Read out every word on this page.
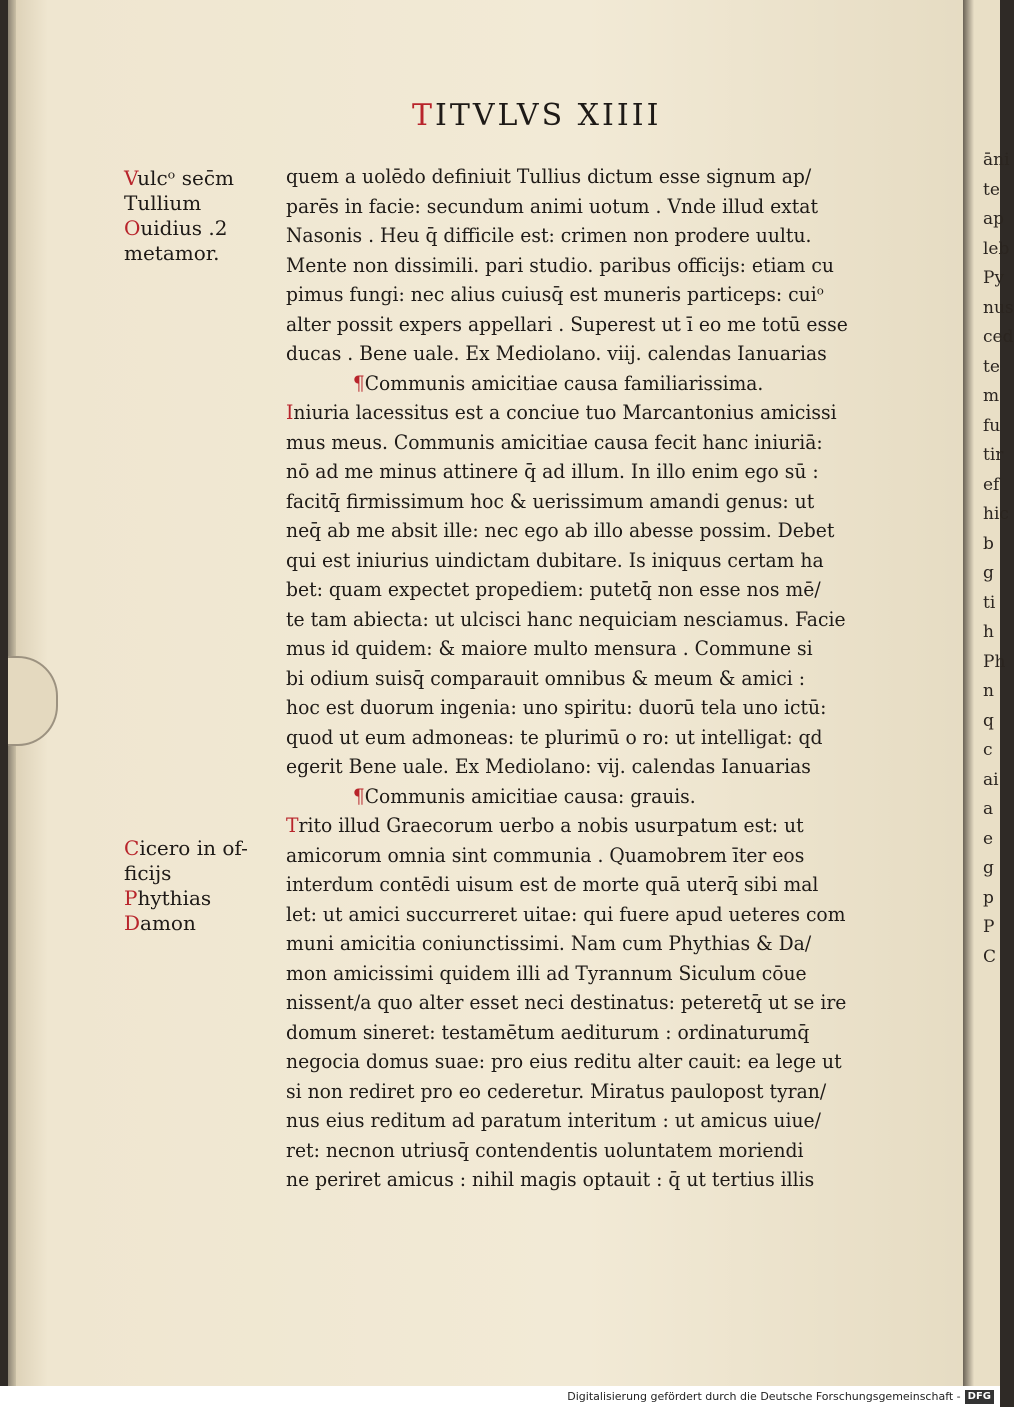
āni
te
ap
leb
Py
nus
ced
te
m
fu
tir
ef
hic
b
g
ti
h
Ph
n
q
c
ai
a
e
g
p
P
C
TITVLVS XIIII
Vulcᵒ sec̄m
Tullium
Ouidius .2
metamor.
Cicero in of-
ficijs
Phythias
Damon
quem a uolēdo definiuit Tullius dictum esse signum ap/
parēs in facie: secundum animi uotum . Vnde illud extat
Nasonis . Heu q̄ difficile est: crimen non prodere uultu.
Mente non dissimili. pari studio. paribus officijs: etiam cu
pimus fungi: nec alius cuiusq̄ est muneris particeps: cuiᵒ
alter possit expers appellari . Superest ut ī eo me totū esse
ducas . Bene uale. Ex Mediolano. viij. calendas Ianuarias
¶Communis amicitiae causa familiarissima.
Iniuria lacessitus est a conciue tuo Marcantonius amicissi
mus meus. Communis amicitiae causa fecit hanc iniuriā:
nō ad me minus attinere q̄ ad illum. In illo enim ego sū :
facitq̄ firmissimum hoc & uerissimum amandi genus: ut
neq̄ ab me absit ille: nec ego ab illo abesse possim. Debet
qui est iniurius uindictam dubitare. Is iniquus certam ha
bet: quam expectet propediem: putetq̄ non esse nos mē/
te tam abiecta: ut ulcisci hanc nequiciam nesciamus. Facie
mus id quidem: & maiore multo mensura . Commune si
bi odium suisq̄ comparauit omnibus & meum & amici :
hoc est duorum ingenia: uno spiritu: duorū tela uno ictū:
quod ut eum admoneas: te plurimū o ro: ut intelligat: qd
egerit Bene uale. Ex Mediolano: vij. calendas Ianuarias
¶Communis amicitiae causa: grauis.
Trito illud Graecorum uerbo a nobis usurpatum est: ut
amicorum omnia sint communia . Quamobrem īter eos
interdum contēdi uisum est de morte quā uterq̄ sibi mal
let: ut amici succurreret uitae: qui fuere apud ueteres com
muni amicitia coniunctissimi. Nam cum Phythias & Da/
mon amicissimi quidem illi ad Tyrannum Siculum cōue
nissent/a quo alter esset neci destinatus: peteretq̄ ut se ire
domum sineret: testamētum aediturum : ordinaturumq̄
negocia domus suae: pro eius reditu alter cauit: ea lege ut
si non rediret pro eo cederetur. Miratus paulopost tyran/
nus eius reditum ad paratum interitum : ut amicus uiue/
ret: necnon utriusq̄ contendentis uoluntatem moriendi
ne periret amicus : nihil magis optauit : q̄ ut tertius illis
Digitalisierung gefördert durch die Deutsche Forschungsgemeinschaft - DFG
